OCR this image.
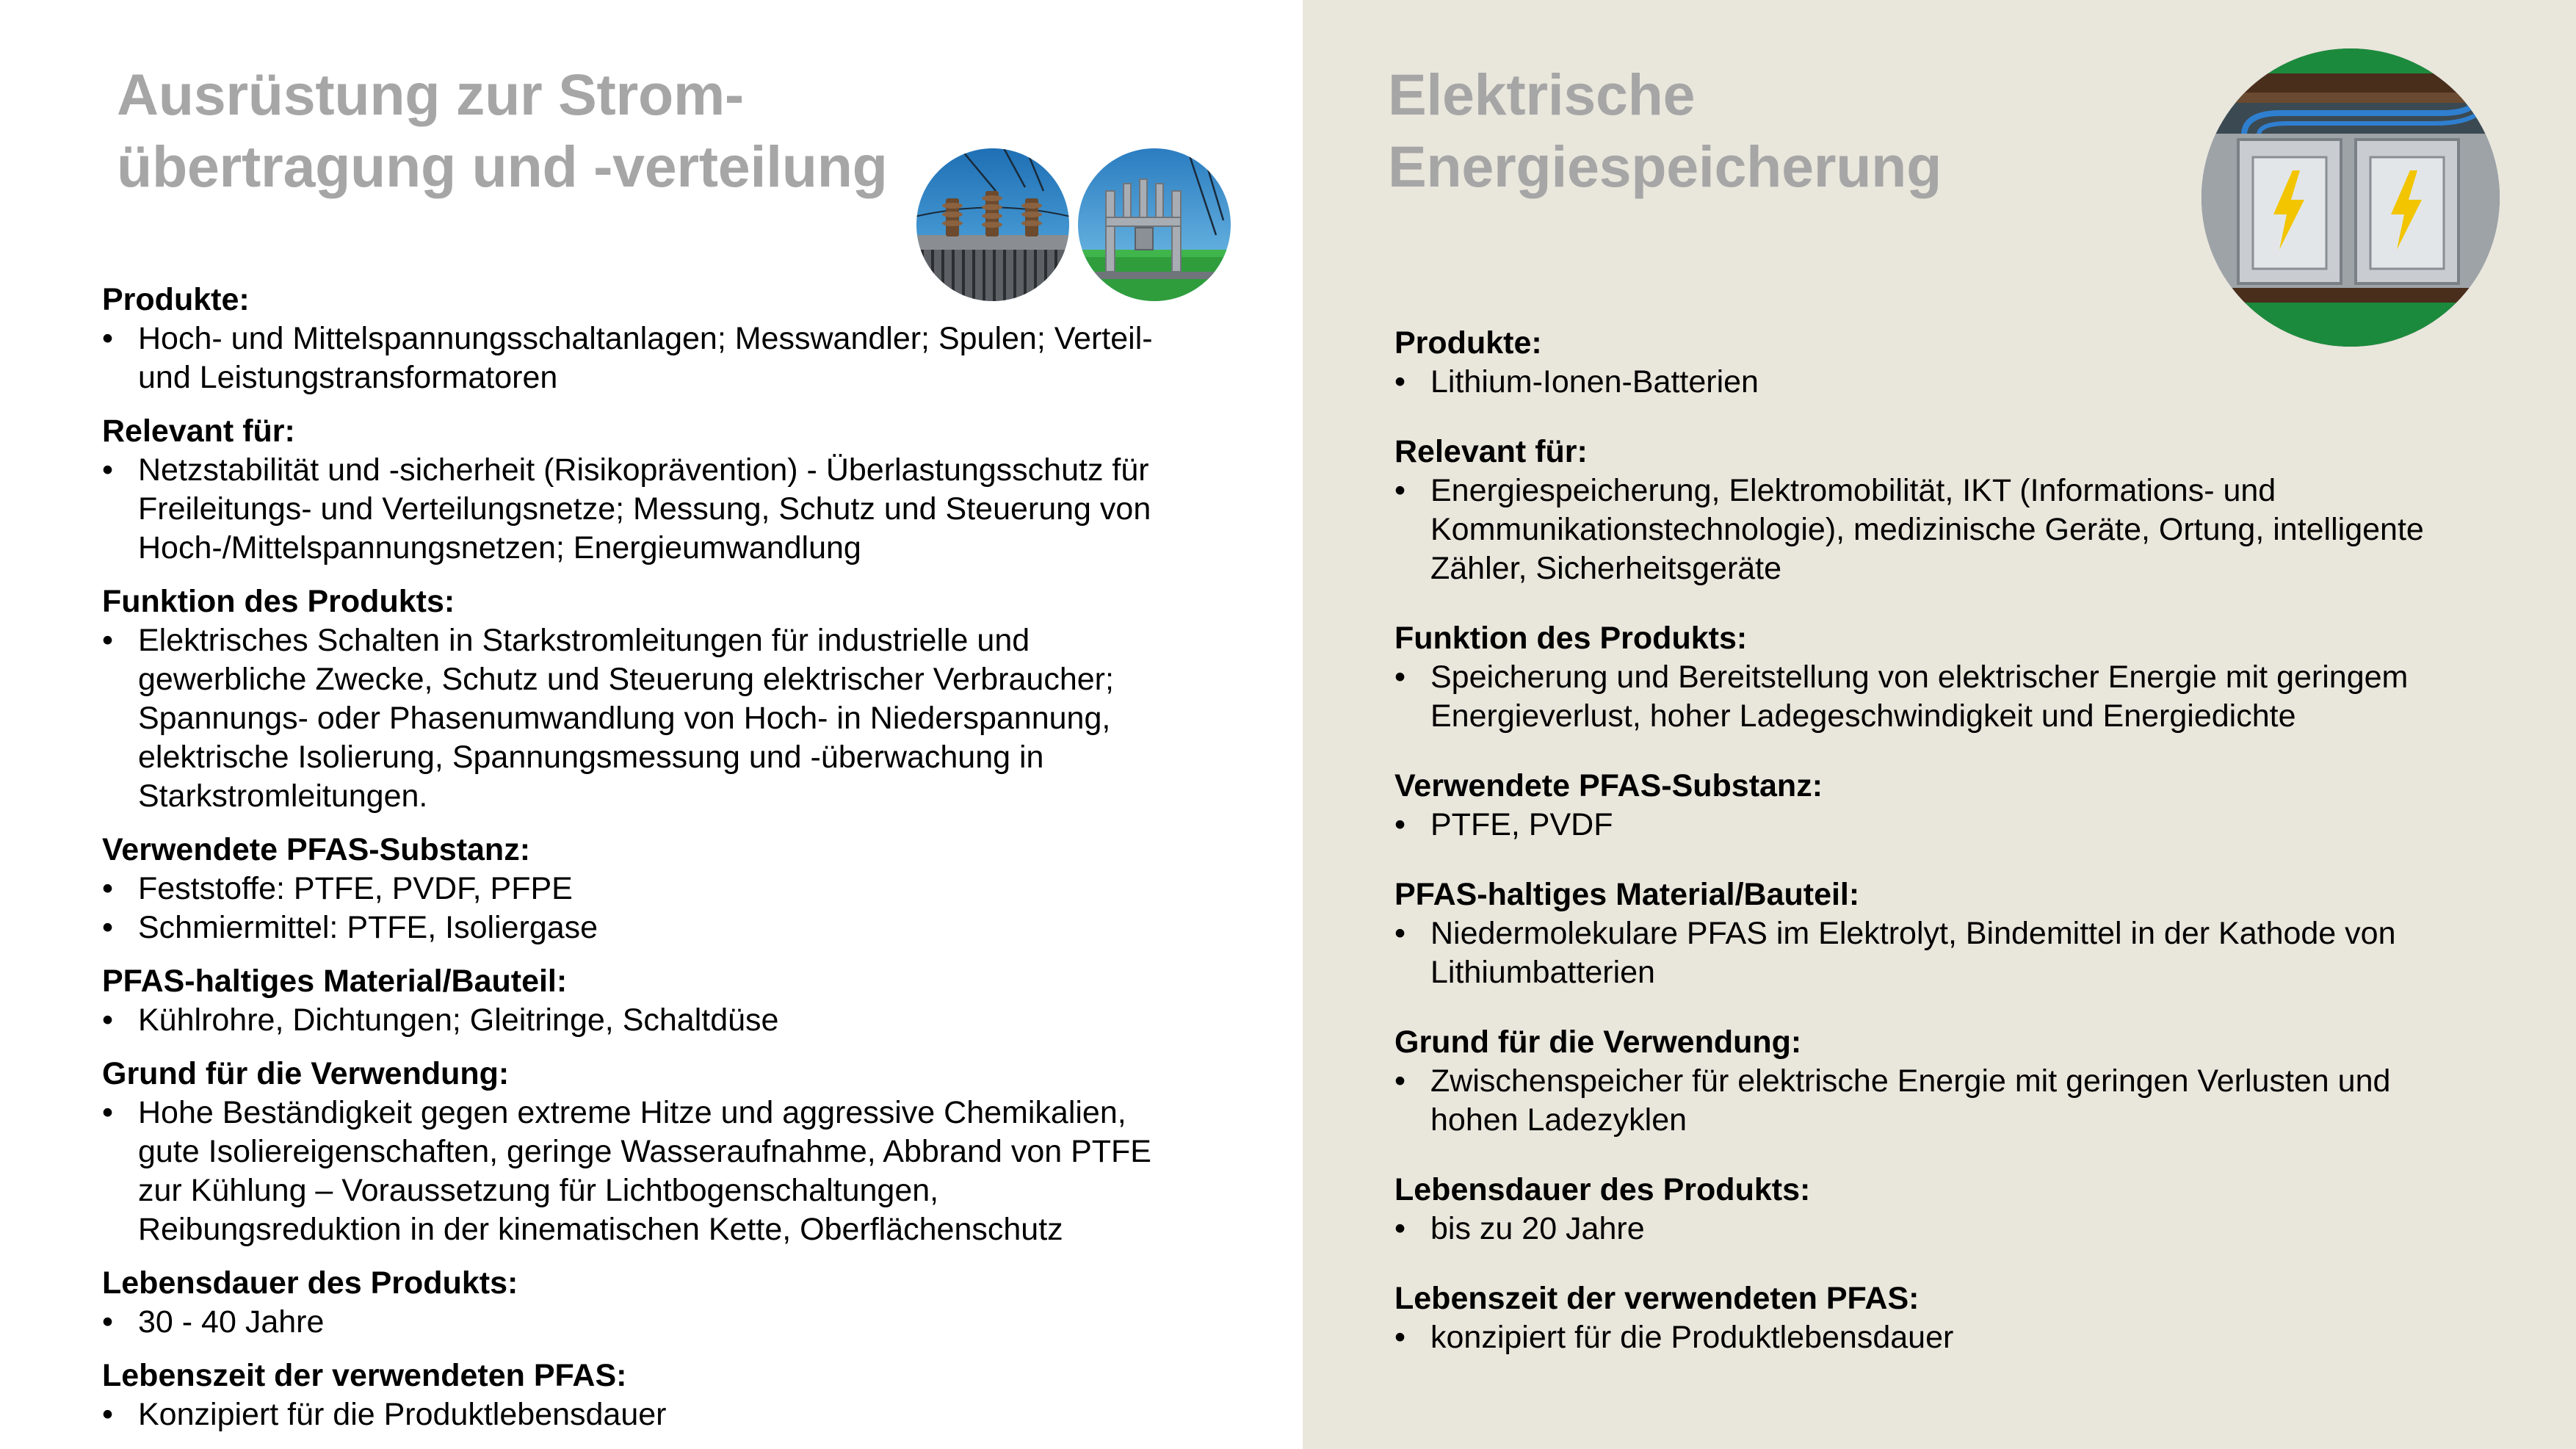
Ausrüstung zur Strom-
übertragung und -verteilung
Produkte:
• Hoch- und Mittelspannungsschaltanlagen; Messwandler; Spulen; Verteil-
und Leistungstransformatoren
Relevant für:
• Netzstabilität und -sicherheit (Risikoprävention) - Überlastungsschutz für
Freileitungs- und Verteilungsnetze; Messung, Schutz und Steuerung von
Hoch-/Mittelspannungsnetzen; Energieumwandlung
Funktion des Produkts:
• Elektrisches Schalten in Starkstromleitungen für industrielle und
gewerbliche Zwecke, Schutz und Steuerung elektrischer Verbraucher;
Spannungs- oder Phasenumwandlung von Hoch- in Niederspannung,
elektrische Isolierung, Spannungsmessung und -überwachung in
Starkstromleitungen.
Verwendete PFAS-Substanz:
• Feststoffe: PTFE, PVDF, PFPE
• Schmiermittel: PTFE, Isoliergase
PFAS-haltiges Material/Bauteil:
• Kühlrohre, Dichtungen; Gleitringe, Schaltdüse
Grund für die Verwendung:
• Hohe Beständigkeit gegen extreme Hitze und aggressive Chemikalien,
gute Isoliereigenschaften, geringe Wasseraufnahme, Abbrand von PTFE
zur Kühlung – Voraussetzung für Lichtbogenschaltungen,
Reibungsreduktion in der kinematischen Kette, Oberflächenschutz
Lebensdauer des Produkts:
• 30 - 40 Jahre
Lebenszeit der verwendeten PFAS:
• Konzipiert für die Produktlebensdauer
Elektrische
Energiespeicherung
Produkte:
• Lithium-Ionen-Batterien
Relevant für:
• Energiespeicherung, Elektromobilität, IKT (Informations- und
Kommunikationstechnologie), medizinische Geräte, Ortung, intelligente
Zähler, Sicherheitsgeräte
Funktion des Produkts:
• Speicherung und Bereitstellung von elektrischer Energie mit geringem
Energieverlust, hoher Ladegeschwindigkeit und Energiedichte
Verwendete PFAS-Substanz:
• PTFE, PVDF
PFAS-haltiges Material/Bauteil:
• Niedermolekulare PFAS im Elektrolyt, Bindemittel in der Kathode von
Lithiumbatterien
Grund für die Verwendung:
• Zwischenspeicher für elektrische Energie mit geringen Verlusten und
hohen Ladezyklen
Lebensdauer des Produkts:
• bis zu 20 Jahre
Lebenszeit der verwendeten PFAS:
• konzipiert für die Produktlebensdauer
